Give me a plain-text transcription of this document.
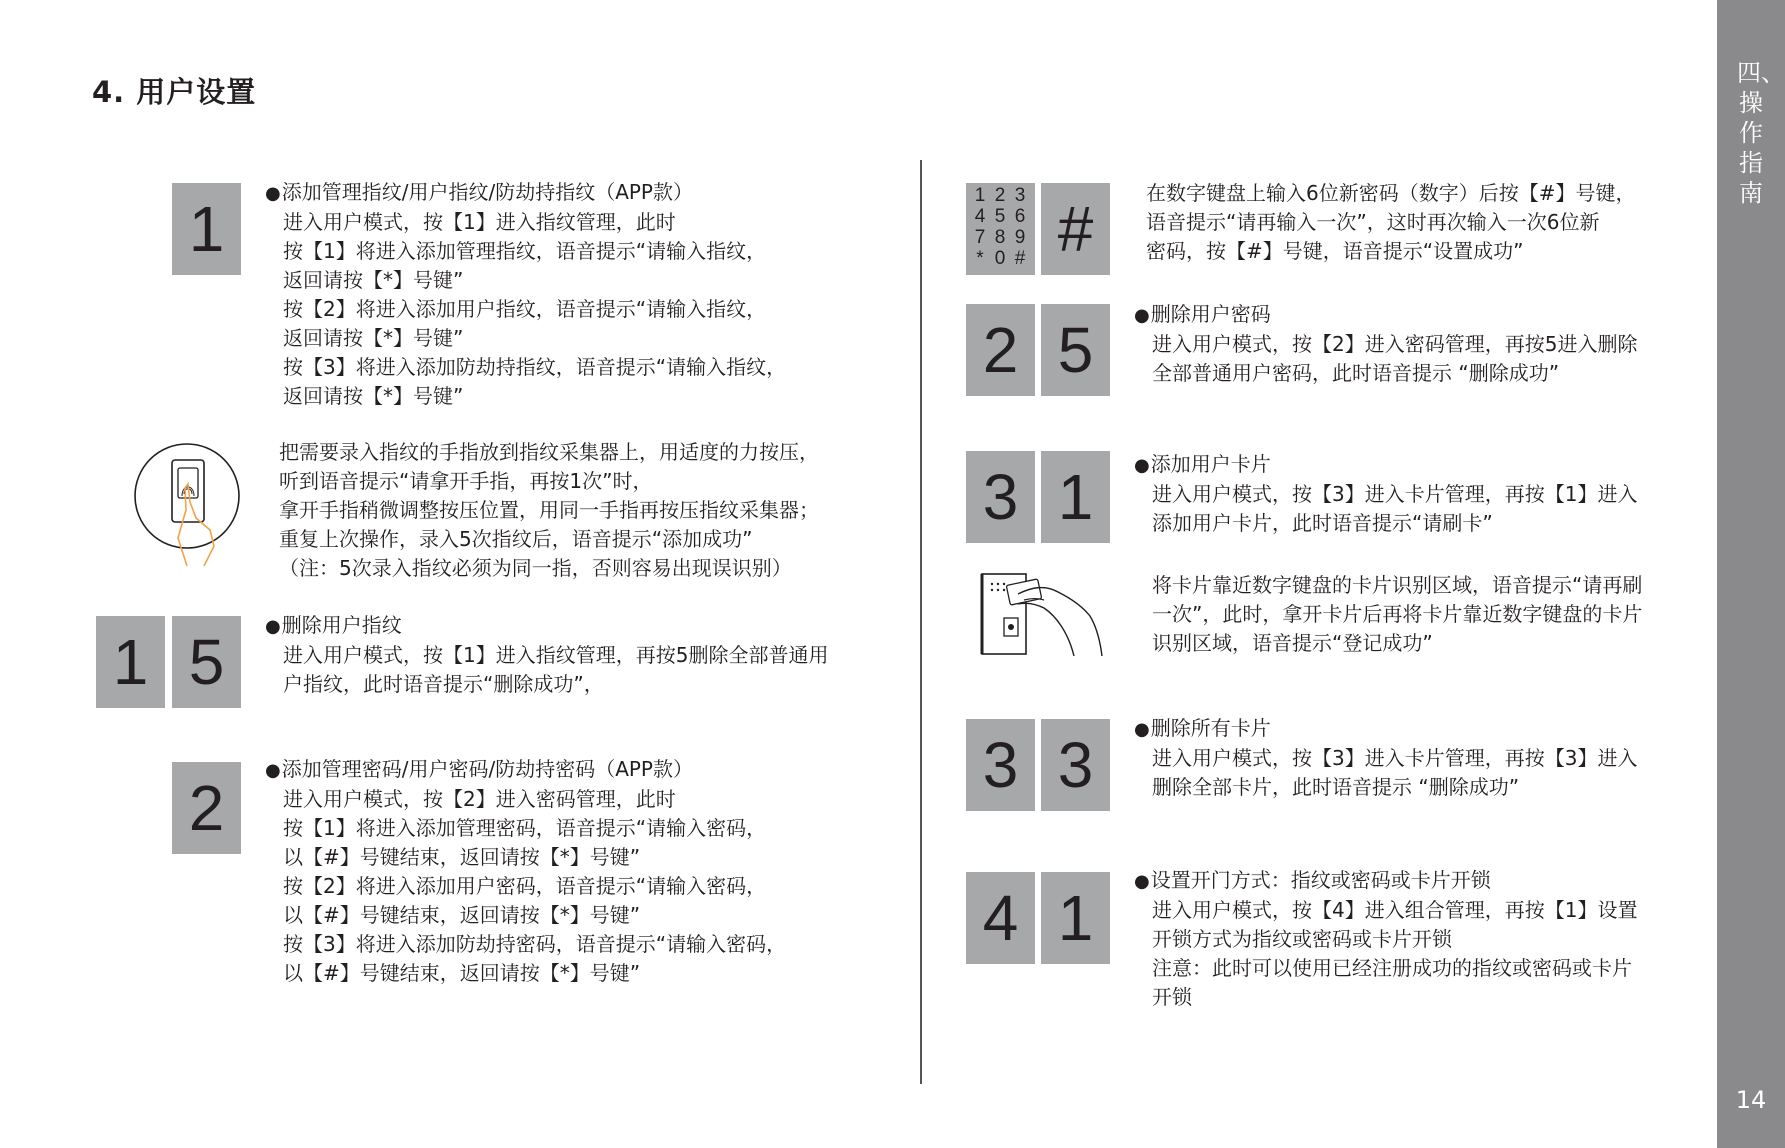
4. 用户设置
四、操作指南
14
1
● 添加管理指纹/用户指纹/防劫持指纹（APP款）
进入用户模式，按【1】进入指纹管理，此时
按【1】将进入添加管理指纹，语音提示“请输入指纹，
返回请按【*】号键”
按【2】将进入添加用户指纹，语音提示“请输入指纹，
返回请按【*】号键”
按【3】将进入添加防劫持指纹，语音提示“请输入指纹，
返回请按【*】号键”
把需要录入指纹的手指放到指纹采集器上，用适度的力按压，
听到语音提示“请拿开手指，再按1次”时，
拿开手指稍微调整按压位置，用同一手指再按压指纹采集器；
重复上次操作，录入5次指纹后，语音提示“添加成功”
（注：5次录入指纹必须为同一指，否则容易出现误识别）
1 5
● 删除用户指纹
进入用户模式，按【1】进入指纹管理，再按5删除全部普通用
户指纹，此时语音提示“删除成功”，
2
● 添加管理密码/用户密码/防劫持密码（APP款）
进入用户模式，按【2】进入密码管理，此时
按【1】将进入添加管理密码，语音提示“请输入密码，
以【#】号键结束，返回请按【*】号键”
按【2】将进入添加用户密码，语音提示“请输入密码，
以【#】号键结束，返回请按【*】号键”
按【3】将进入添加防劫持密码，语音提示“请输入密码，
以【#】号键结束，返回请按【*】号键”
1 2 3
4 5 6
7 8 9
* 0 # #	在数字键盘上输入6位新密码（数字）后按【#】号键，
语音提示“请再输入一次”，这时再次输入一次6位新
密码，按【#】号键，语音提示“设置成功”
2 5	● 删除用户密码
进入用户模式，按【2】进入密码管理，再按5进入删除
全部普通用户密码，此时语音提示 “删除成功”
3 1	● 添加用户卡片
进入用户模式，按【3】进入卡片管理，再按【1】进入
添加用户卡片，此时语音提示“请刷卡”
将卡片靠近数字键盘的卡片识别区域，语音提示“请再刷
一次”，此时，拿开卡片后再将卡片靠近数字键盘的卡片
识别区域，语音提示“登记成功”
3 3
● 删除所有卡片
进入用户模式，按【3】进入卡片管理，再按【3】进入
删除全部卡片，此时语音提示 “删除成功”
4 1
● 设置开门方式：指纹或密码或卡片开锁
进入用户模式，按【4】进入组合管理，再按【1】设置
开锁方式为指纹或密码或卡片开锁
注意：此时可以使用已经注册成功的指纹或密码或卡片
开锁
